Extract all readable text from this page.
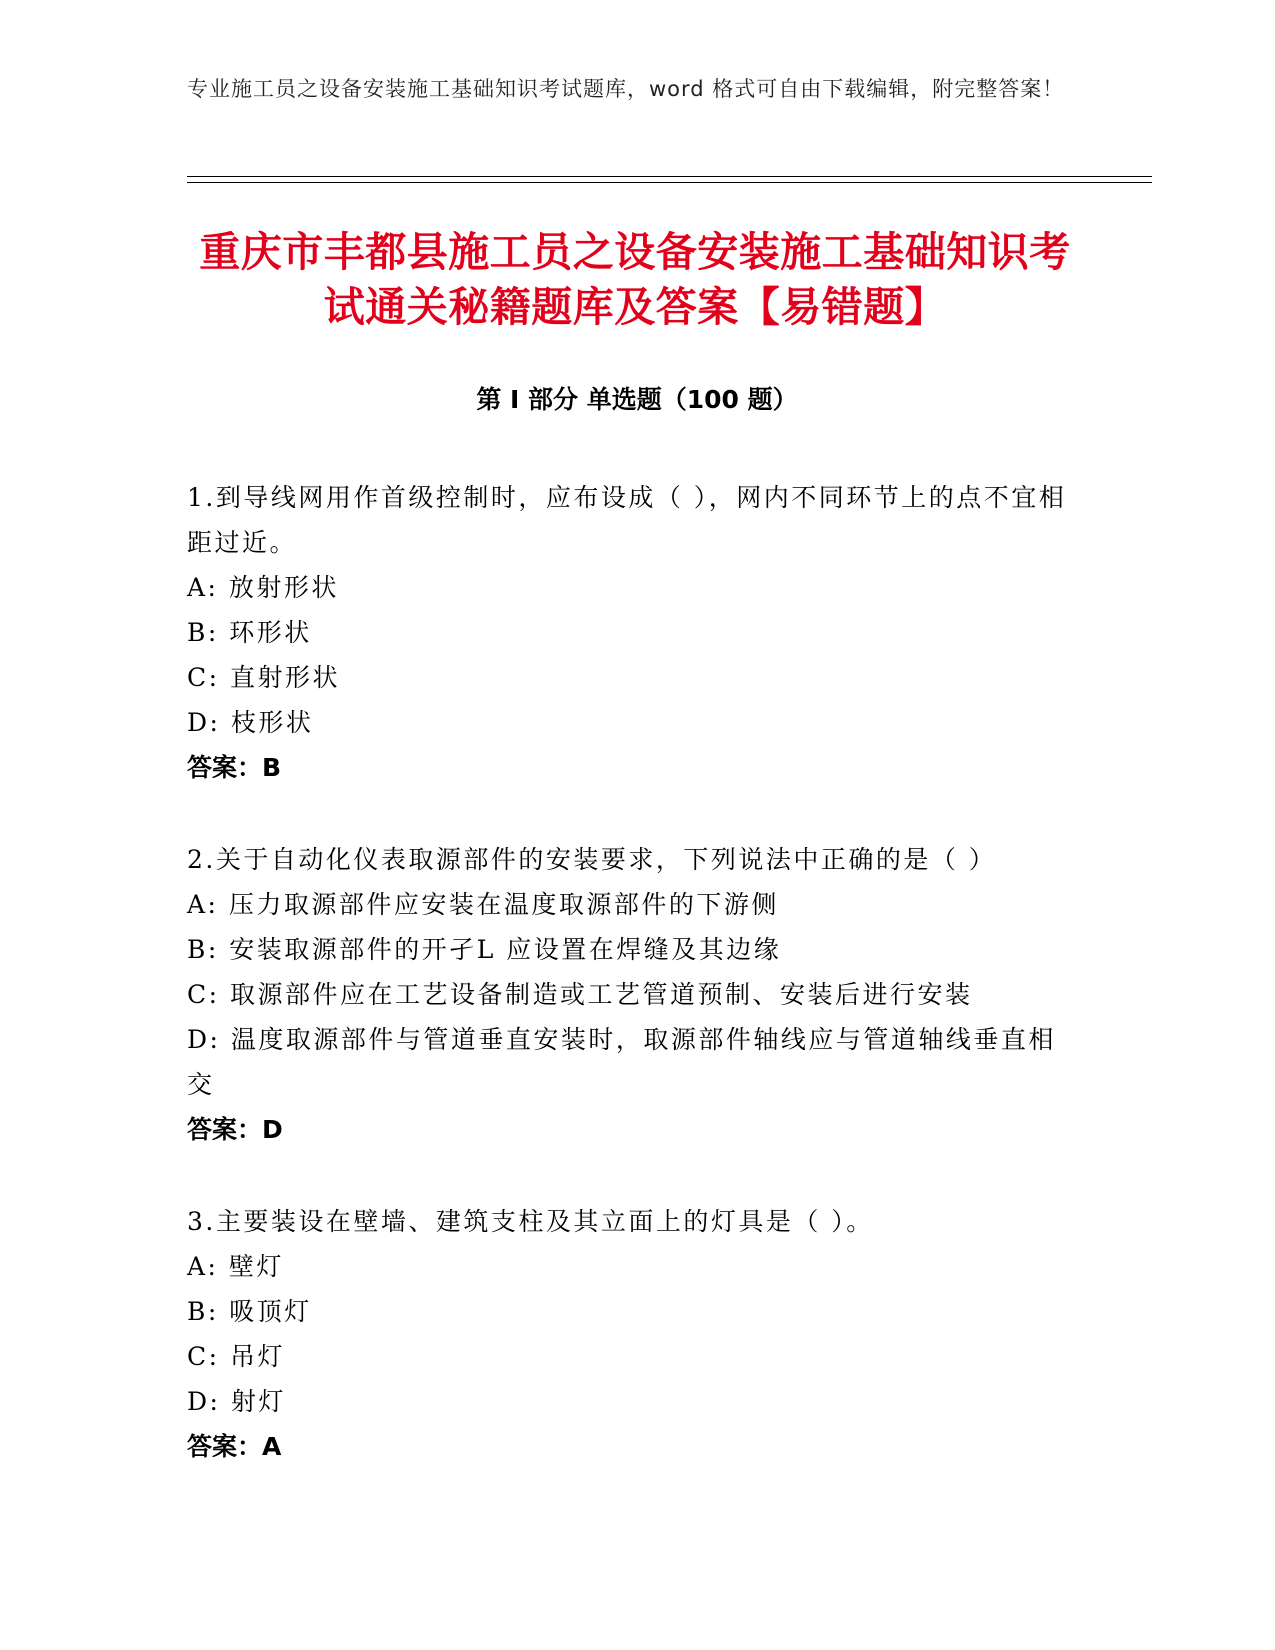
专业施工员之设备安装施工基础知识考试题库，word 格式可自由下载编辑，附完整答案！
重庆市丰都县施工员之设备安装施工基础知识考试通关秘籍题库及答案【易错题】
第 I 部分 单选题（100 题）

1.到导线网用作首级控制时，应布设成（ ），网内不同环节上的点不宜相距过近。

A: 放射形状

B: 环形状

C: 直射形状

D: 枝形状

答案：B

2.关于自动化仪表取源部件的安装要求，下列说法中正确的是（ ）

A: 压力取源部件应安装在温度取源部件的下游侧

B: 安装取源部件的开孑L 应设置在焊缝及其边缘

C: 取源部件应在工艺设备制造或工艺管道预制、安装后进行安装

D: 温度取源部件与管道垂直安装时，取源部件轴线应与管道轴线垂直相交

答案：D

3.主要装设在壁墙、建筑支柱及其立面上的灯具是（ ）。

A: 壁灯

B: 吸顶灯

C: 吊灯

D: 射灯

答案：A
